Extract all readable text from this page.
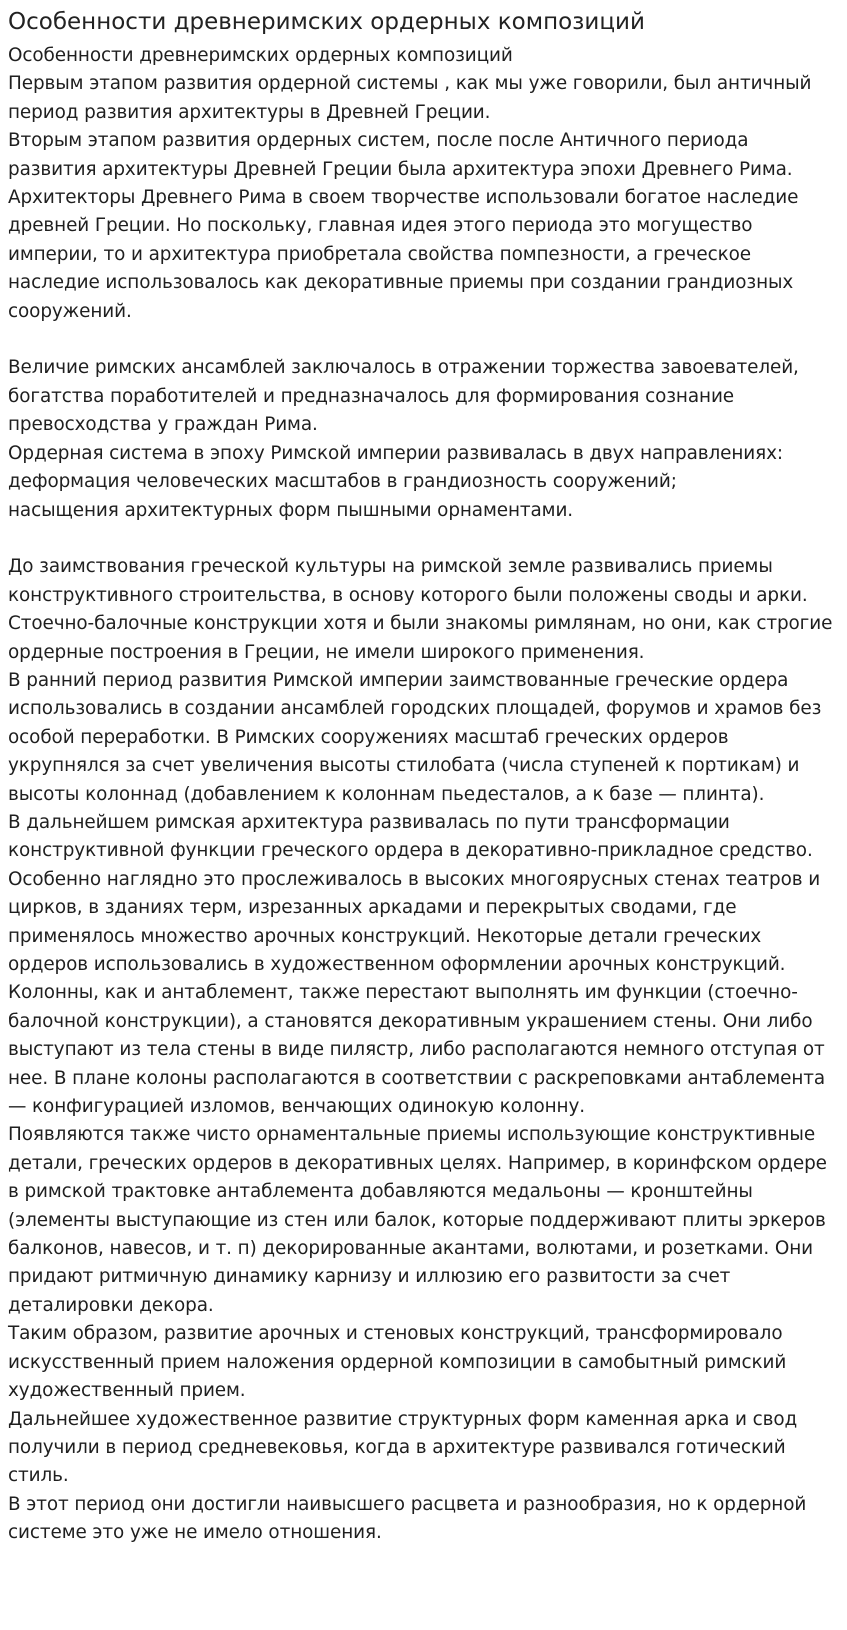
Особенности древнеримских ордерных композиций
Особенности древнеримских ордерных композиций
Первым этапом развития ордерной системы , как мы уже говорили, был античный период развития архитектуры в Древней Греции.
Вторым этапом развития ордерных систем, после после Античного периода развития архитектуры Древней Греции была архитектура эпохи Древнего Рима.
Архитекторы Древнего Рима в своем творчестве использовали богатое наследие древней Греции. Но поскольку, главная идея этого периода это могущество империи, то и архитектура приобретала свойства помпезности, а греческое наследие использовалось как декоративные приемы при создании грандиозных сооружений.

Величие римских ансамблей заключалось в отражении торжества завоевателей, богатства поработителей и предназначалось для формирования сознание превосходства у граждан Рима.
Ордерная система в эпоху Римской империи развивалась в двух направлениях:
деформация человеческих масштабов в грандиозность сооружений;
насыщения архитектурных форм пышными орнаментами.

До заимствования греческой культуры на римской земле развивались приемы конструктивного строительства, в основу которого были положены своды и арки. Стоечно-балочные конструкции хотя и были знакомы римлянам, но они, как строгие ордерные построения в Греции, не имели широкого применения.
В ранний период развития Римской империи заимствованные греческие ордера использовались в создании ансамблей городских площадей, форумов и храмов без особой переработки. В Римских сооружениях масштаб греческих ордеров укрупнялся за счет увеличения высоты стилобата (числа ступеней к портикам) и высоты колоннад (добавлением к колоннам пьедесталов, а к базе — плинта).
В дальнейшем римская архитектура развивалась по пути трансформации конструктивной функции греческого ордера в декоративно-прикладное средство. Особенно наглядно это прослеживалось в высоких многоярусных стенах театров и цирков, в зданиях терм, изрезанных аркадами и перекрытых сводами, где применялось множество арочных конструкций. Некоторые детали греческих ордеров использовались в художественном оформлении арочных конструкций.
Колонны, как и антаблемент, также перестают выполнять им функции (стоечно-балочной конструкции), а становятся декоративным украшением стены. Они либо выступают из тела стены в виде пилястр, либо располагаются немного отступая от нее. В плане колоны располагаются в соответствии с раскреповками антаблемента — конфигурацией изломов, венчающих одинокую колонну.
Появляются также чисто орнаментальные приемы использующие конструктивные детали, греческих ордеров в декоративных целях. Например, в коринфском ордере в римской трактовке антаблемента добавляются медальоны — кронштейны (элементы выступающие из стен или балок, которые поддерживают плиты эркеров балконов, навесов, и т. п) декорированные акантами, волютами, и розетками. Они придают ритмичную динамику карнизу и иллюзию его развитости за счет деталировки декора.
Таким образом, развитие арочных и стеновых конструкций, трансформировало искусственный прием наложения ордерной композиции в самобытный римский художественный прием.
Дальнейшее художественное развитие структурных форм каменная арка и свод получили в период средневековья, когда в архитектуре развивался готический стиль.
В этот период они достигли наивысшего расцвета и разнообразия, но к ордерной системе это уже не имело отношения.
